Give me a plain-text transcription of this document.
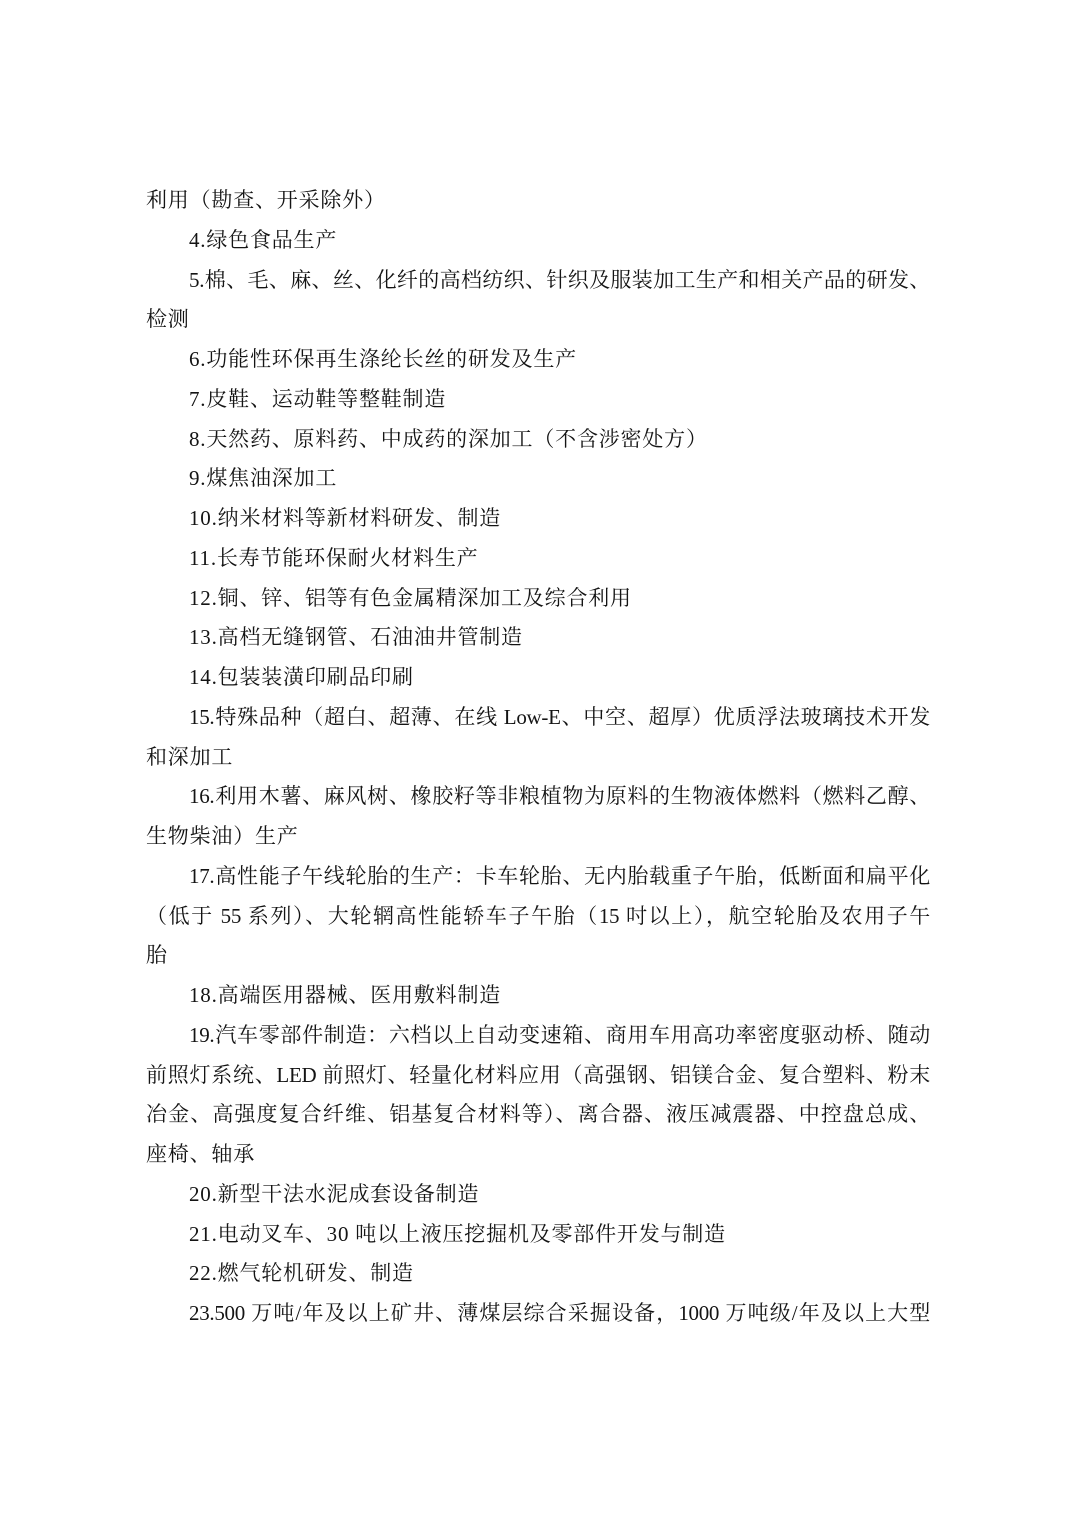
利用（勘查、开采除外）
4.绿色食品生产
5.棉、毛、麻、丝、化纤的高档纺织、针织及服装加工生产和相关产品的研发、
检测
6.功能性环保再生涤纶长丝的研发及生产
7.皮鞋、运动鞋等整鞋制造
8.天然药、原料药、中成药的深加工（不含涉密处方）
9.煤焦油深加工
10.纳米材料等新材料研发、制造
11.长寿节能环保耐火材料生产
12.铜、锌、铝等有色金属精深加工及综合利用
13.高档无缝钢管、石油油井管制造
14.包装装潢印刷品印刷
15.特殊品种（超白、超薄、在线 Low-E、中空、超厚）优质浮法玻璃技术开发
和深加工
16.利用木薯、麻风树、橡胶籽等非粮植物为原料的生物液体燃料（燃料乙醇、
生物柴油）生产
17.高性能子午线轮胎的生产：卡车轮胎、无内胎载重子午胎，低断面和扁平化
（低于 55 系列）、大轮辋高性能轿车子午胎（15 吋以上），航空轮胎及农用子午
胎
18.高端医用器械、医用敷料制造
19.汽车零部件制造：六档以上自动变速箱、商用车用高功率密度驱动桥、随动
前照灯系统、LED 前照灯、轻量化材料应用（高强钢、铝镁合金、复合塑料、粉末
冶金、高强度复合纤维、铝基复合材料等）、离合器、液压减震器、中控盘总成、
座椅、轴承
20.新型干法水泥成套设备制造
21.电动叉车、30 吨以上液压挖掘机及零部件开发与制造
22.燃气轮机研发、制造
23.500 万吨/年及以上矿井、薄煤层综合采掘设备，1000 万吨级/年及以上大型
